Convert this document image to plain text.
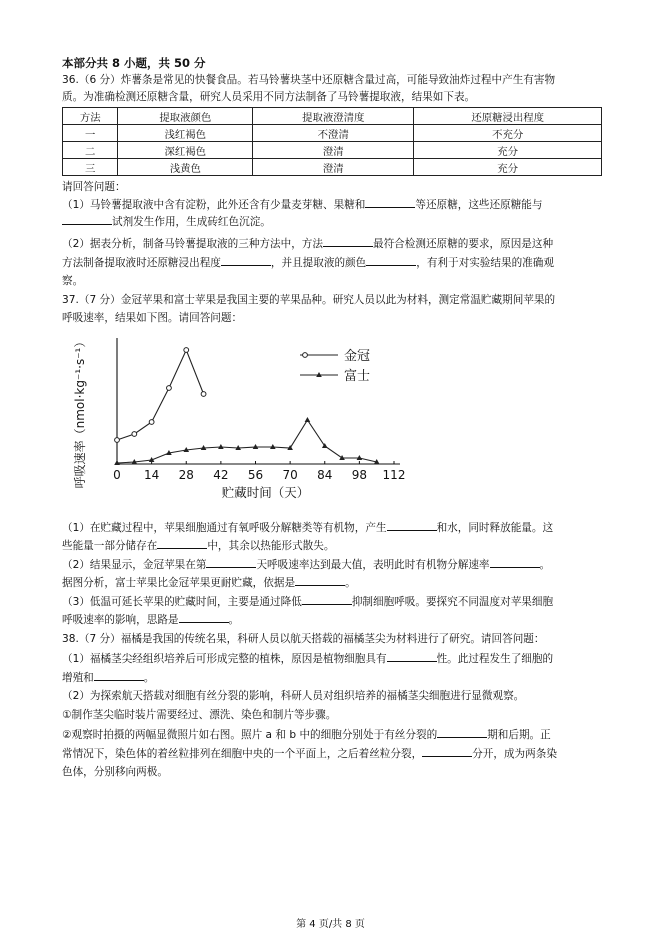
本部分共 8 小题，共 50 分

36.（6 分）炸薯条是常见的快餐食品。若马铃薯块茎中还原糖含量过高，可能导致油炸过程中产生有害物

质。为准确检测还原糖含量，研究人员采用不同方法制备了马铃薯提取液，结果如下表。

方法	提取液颜色	提取液澄清度	还原糖浸出程度
一	浅红褐色	不澄清	不充分
二	深红褐色	澄清	充分
三	浅黄色	澄清	充分

请回答问题：

（1）马铃薯提取液中含有淀粉，此外还含有少量麦芽糖、果糖和	等还原糖，这些还原糖能与

试剂发生作用，生成砖红色沉淀。

（2）据表分析，制备马铃薯提取液的三种方法中，方法	最符合检测还原糖的要求，原因是这种

方法制备提取液时还原糖浸出程度	，并且提取液的颜色	，有利于对实验结果的准确观

察。

37.（7 分）金冠苹果和富士苹果是我国主要的苹果品种。研究人员以此为材料，测定常温贮藏期间苹果的

呼吸速率，结果如下图。请回答问题：

0 14 28 42 56 70 84 98 112
贮藏时间（天）
呼吸速率（nmol·kg⁻¹·s⁻¹）	金冠
富士

（1）在贮藏过程中，苹果细胞通过有氧呼吸分解糖类等有机物，产生	和水，同时释放能量。这

些能量一部分储存在	中，其余以热能形式散失。

（2）结果显示，金冠苹果在第	天呼吸速率达到最大值，表明此时有机物分解速率	。

据图分析，富士苹果比金冠苹果更耐贮藏，依据是	。

（3）低温可延长苹果的贮藏时间，主要是通过降低	抑制细胞呼吸。要探究不同温度对苹果细胞

呼吸速率的影响，思路是	。

38.（7 分）福橘是我国的传统名果，科研人员以航天搭载的福橘茎尖为材料进行了研究。请回答问题：

（1）福橘茎尖经组织培养后可形成完整的植株，原因是植物细胞具有	性。此过程发生了细胞的

增殖和	。

（2）为探索航天搭载对细胞有丝分裂的影响，科研人员对组织培养的福橘茎尖细胞进行显微观察。

①制作茎尖临时装片需要经过、漂洗、染色和制片等步骤。

②观察时拍摄的两幅显微照片如右图。照片 a 和 b 中的细胞分别处于有丝分裂的	期和后期。正

常情况下，染色体的着丝粒排列在细胞中央的一个平面上，之后着丝粒分裂，	分开，成为两条染

色体，分别移向两极。

第 4 页/共 8 页
